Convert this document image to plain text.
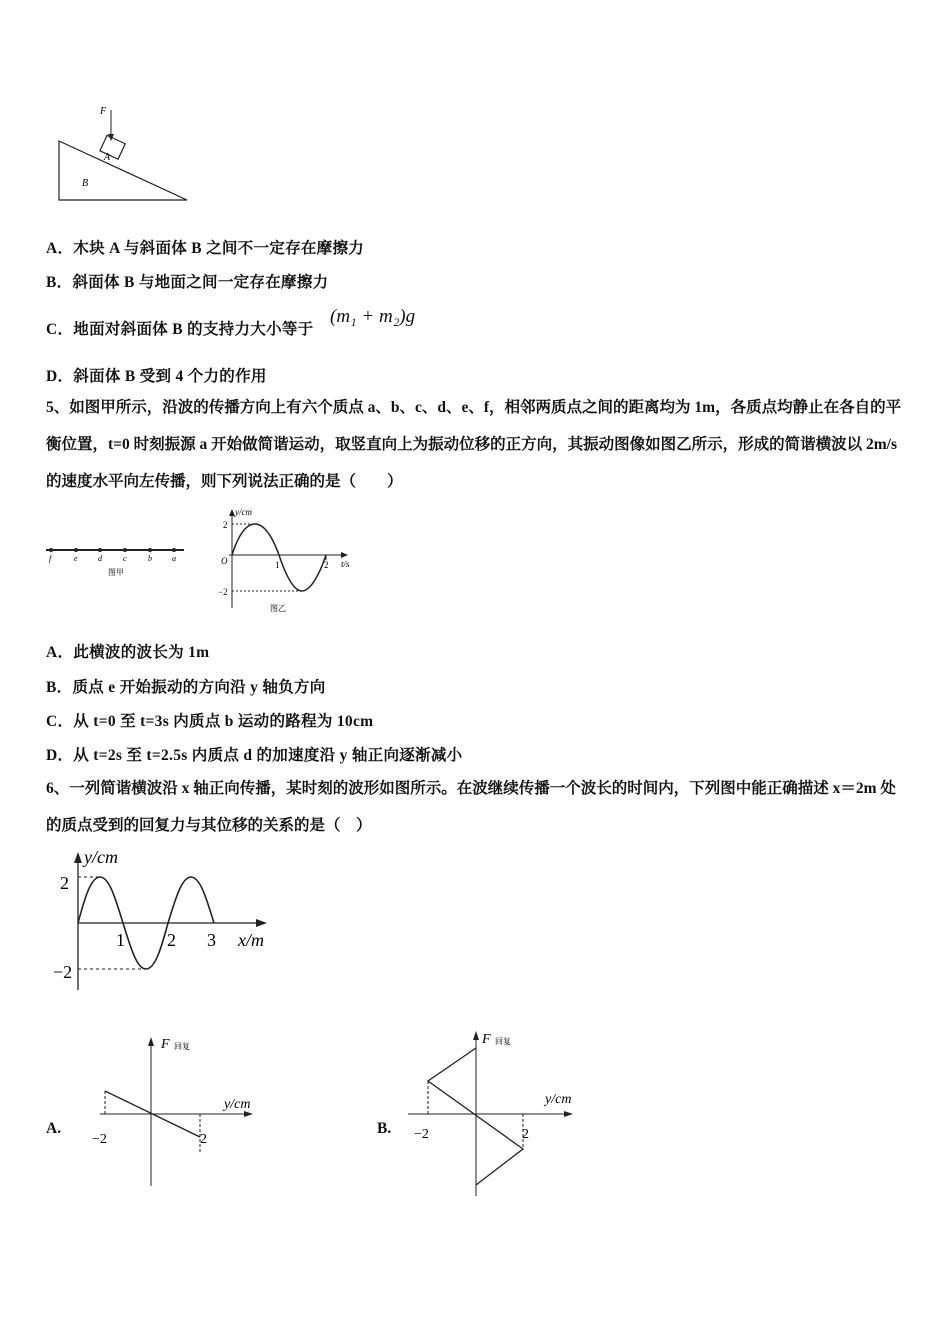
F
A
B
A．木块 A 与斜面体 B 之间不一定存在摩擦力
B．斜面体 B 与地面之间一定存在摩擦力
C．地面对斜面体 B 的支持力大小等于
(m₁ + m₂)g
D．斜面体 B 受到 4 个力的作用
5、如图甲所示，沿波的传播方向上有六个质点 a、b、c、d、e、f，相邻两质点之间的距离均为 1m，各质点均静止在各自的平衡位置，t=0 时刻振源 a 开始做简谐运动，取竖直向上为振动位移的正方向，其振动图像如图乙所示，形成的简谐横波以 2m/s 的速度水平向左传播，则下列说法正确的是（　　）
f	e	d	c	b	a
图甲
y/cm
2
O	1	2 t/s
−2
图乙
A．此横波的波长为 1m
B．质点 e 开始振动的方向沿 y 轴负方向
C．从 t=0 至 t=3s 内质点 b 运动的路程为 10cm
D．从 t=2s 至 t=2.5s 内质点 d 的加速度沿 y 轴正向逐渐减小
6、一列简谐横波沿 x 轴正向传播，某时刻的波形如图所示。在波继续传播一个波长的时间内，下列图中能正确描述 x＝2m 处的质点受到的回复力与其位移的关系的是（　）
y/cm
2
1 2 3 x/m
−2
A.
F 回复
y/cm
−2	2
B.
F 回复
y/cm
−2	2
